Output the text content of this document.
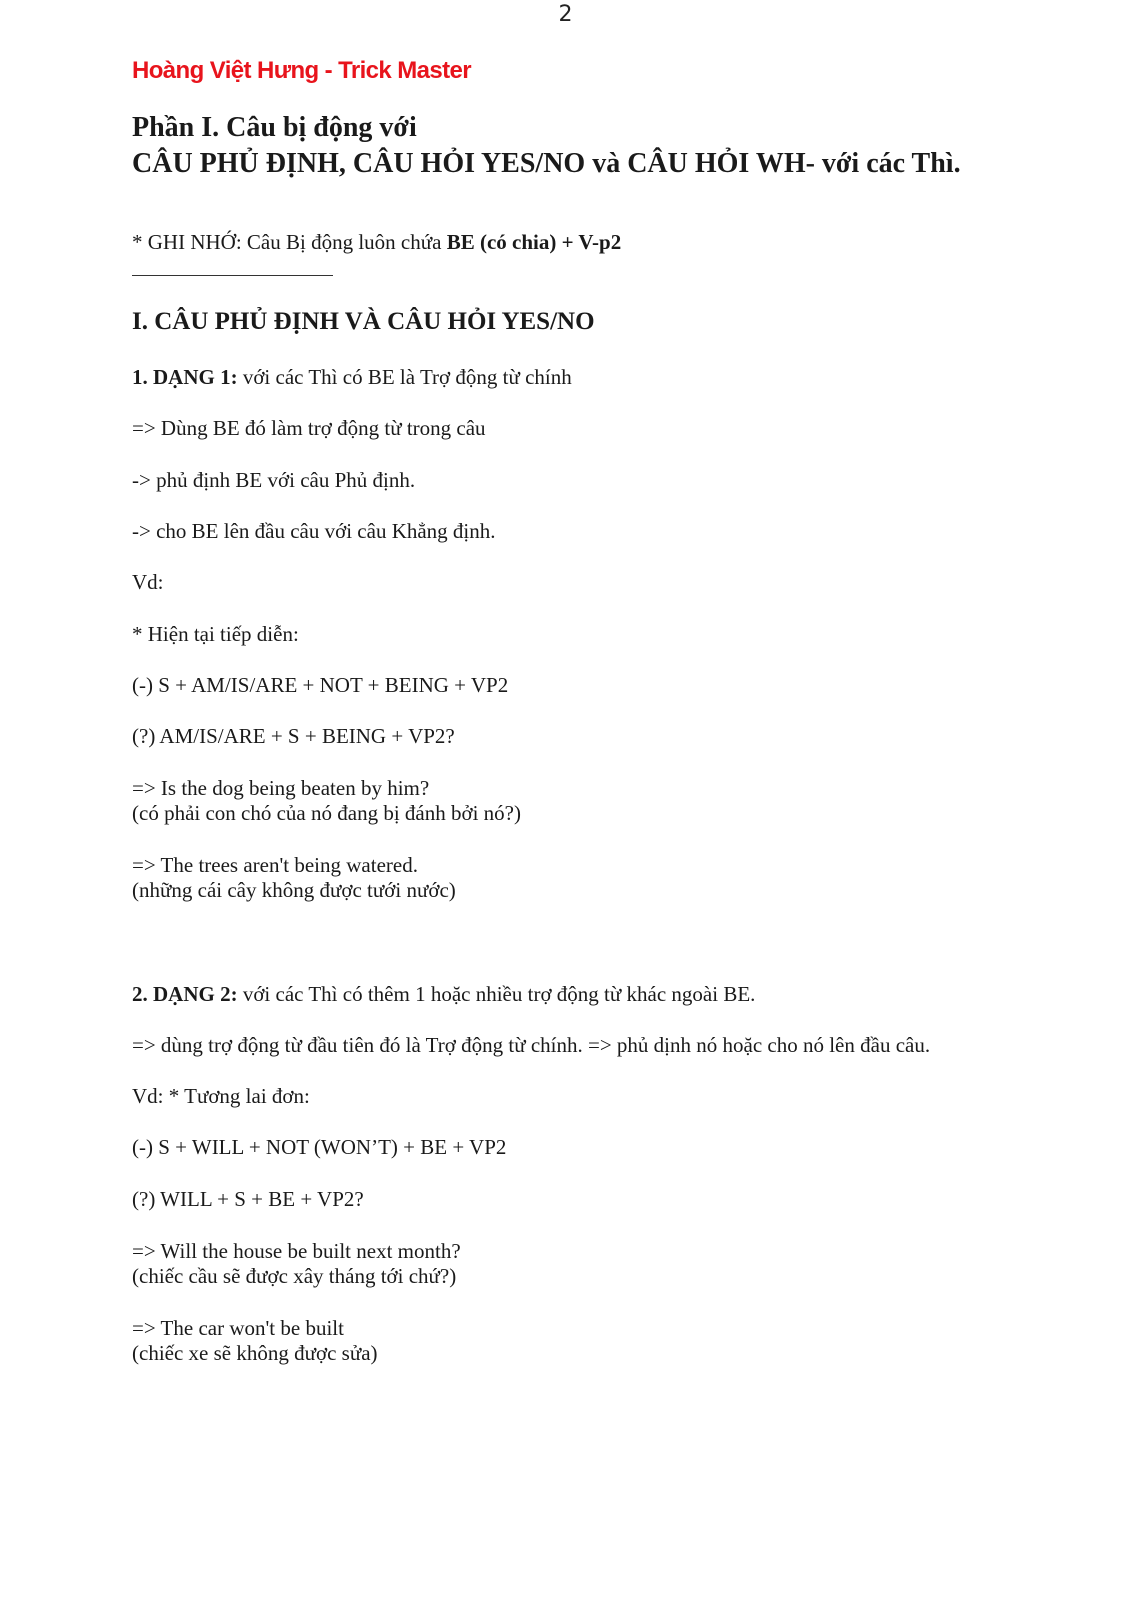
2
Hoàng Việt Hưng - Trick Master
Phần I. Câu bị động với
CÂU PHỦ ĐỊNH, CÂU HỎI YES/NO và CÂU HỎI WH- với các Thì.
* GHI NHỚ: Câu Bị động luôn chứa BE (có chia) + V-p2
I. CÂU PHỦ ĐỊNH VÀ CÂU HỎI YES/NO
1. DẠNG 1: với các Thì có BE là Trợ động từ chính
=> Dùng BE đó làm trợ động từ trong câu
-> phủ định BE với câu Phủ định.
-> cho BE lên đầu câu với câu Khẳng định.
Vd:
* Hiện tại tiếp diễn:
(-) S + AM/IS/ARE + NOT + BEING + VP2
(?) AM/IS/ARE + S + BEING + VP2?
=> Is the dog being beaten by him?
(có phải con chó của nó đang bị đánh bởi nó?)
=> The trees aren't being watered.
(những cái cây không được tưới nước)
2. DẠNG 2: với các Thì có thêm 1 hoặc nhiều trợ động từ khác ngoài BE.
=> dùng trợ động từ đầu tiên đó là Trợ động từ chính. => phủ dịnh nó hoặc cho nó lên đầu câu.
Vd: * Tương lai đơn:
(-) S + WILL + NOT (WON’T) + BE + VP2
(?) WILL + S + BE + VP2?
=> Will the house be built next month?
(chiếc cầu sẽ được xây tháng tới chứ?)
=> The car won't be built
(chiếc xe sẽ không được sửa)
